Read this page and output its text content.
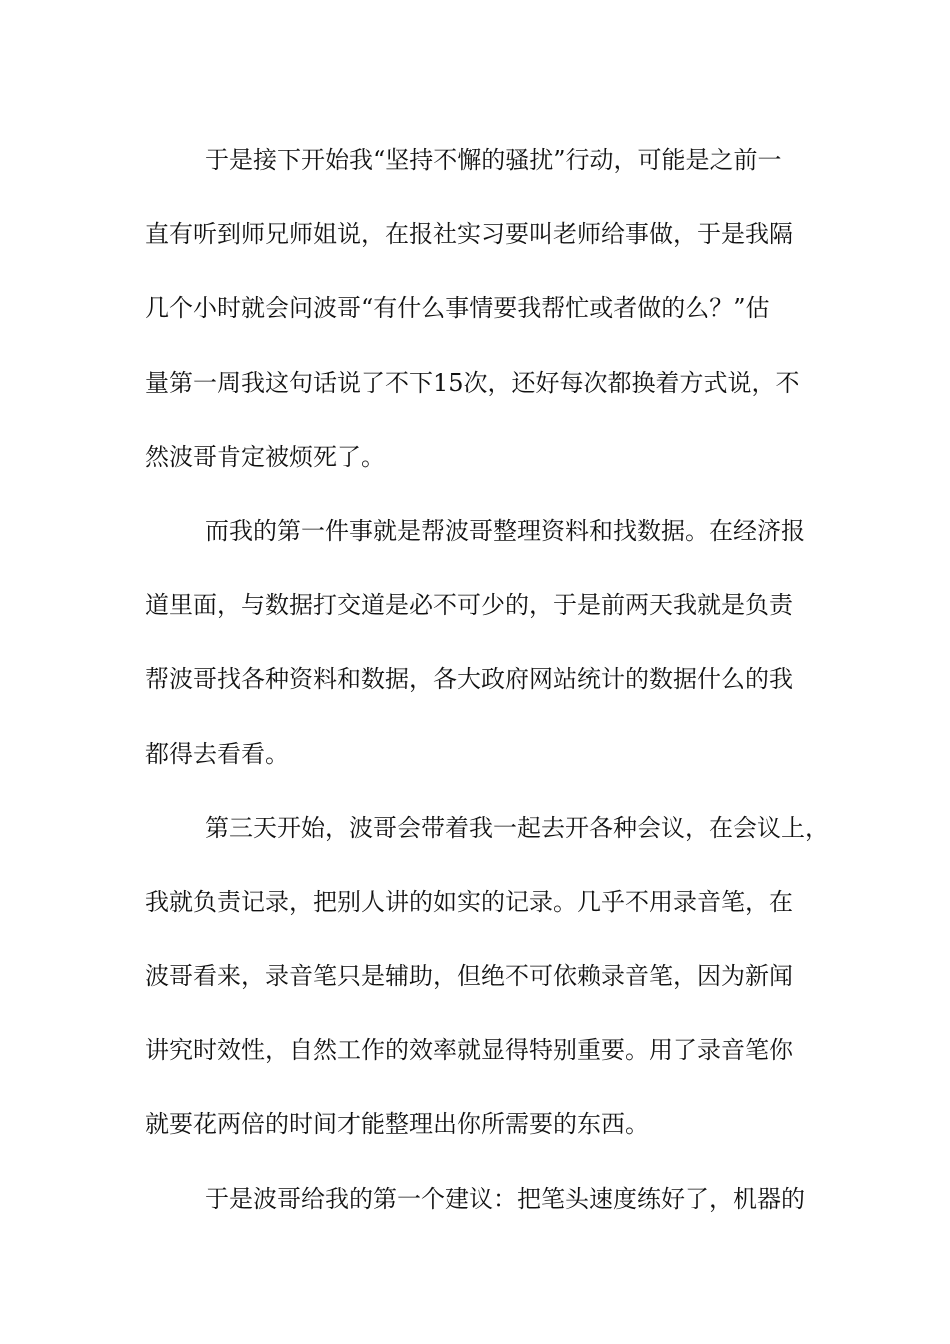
于是接下开始我“坚持不懈的骚扰”行动，可能是之前一
直有听到师兄师姐说，在报社实习要叫老师给事做，于是我隔
几个小时就会问波哥“有什么事情要我帮忙或者做的么？”估
量第一周我这句话说了不下15次，还好每次都换着方式说，不
然波哥肯定被烦死了。
而我的第一件事就是帮波哥整理资料和找数据。在经济报
道里面，与数据打交道是必不可少的，于是前两天我就是负责
帮波哥找各种资料和数据，各大政府网站统计的数据什么的我
都得去看看。
第三天开始，波哥会带着我一起去开各种会议，在会议上，
我就负责记录，把别人讲的如实的记录。几乎不用录音笔，在
波哥看来，录音笔只是辅助，但绝不可依赖录音笔，因为新闻
讲究时效性，自然工作的效率就显得特别重要。用了录音笔你
就要花两倍的时间才能整理出你所需要的东西。
于是波哥给我的第一个建议：把笔头速度练好了，机器的
